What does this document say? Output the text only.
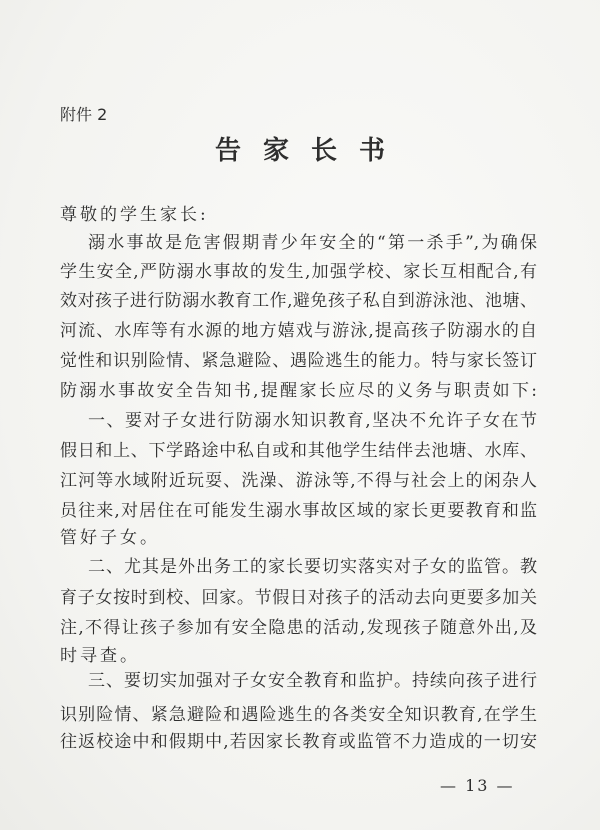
附件 2
告家长书
尊敬的学生家长:
溺水事故是危害假期青少年安全的“第一杀手”,为确保
学生安全,严防溺水事故的发生,加强学校、家长互相配合,有
效对孩子进行防溺水教育工作,避免孩子私自到游泳池、池塘、
河流、水库等有水源的地方嬉戏与游泳,提高孩子防溺水的自
觉性和识别险情、紧急避险、遇险逃生的能力。特与家长签订
防溺水事故安全告知书,提醒家长应尽的义务与职责如下:
一、要对子女进行防溺水知识教育,坚决不允许子女在节
假日和上、下学路途中私自或和其他学生结伴去池塘、水库、
江河等水域附近玩耍、洗澡、游泳等,不得与社会上的闲杂人
员往来,对居住在可能发生溺水事故区域的家长更要教育和监
管好子女。
二、尤其是外出务工的家长要切实落实对子女的监管。教
育子女按时到校、回家。节假日对孩子的活动去向更要多加关
注,不得让孩子参加有安全隐患的活动,发现孩子随意外出,及
时寻查。
三、要切实加强对子女安全教育和监护。持续向孩子进行
识别险情、紧急避险和遇险逃生的各类安全知识教育,在学生
往返校途中和假期中,若因家长教育或监管不力造成的一切安
— 13 —
